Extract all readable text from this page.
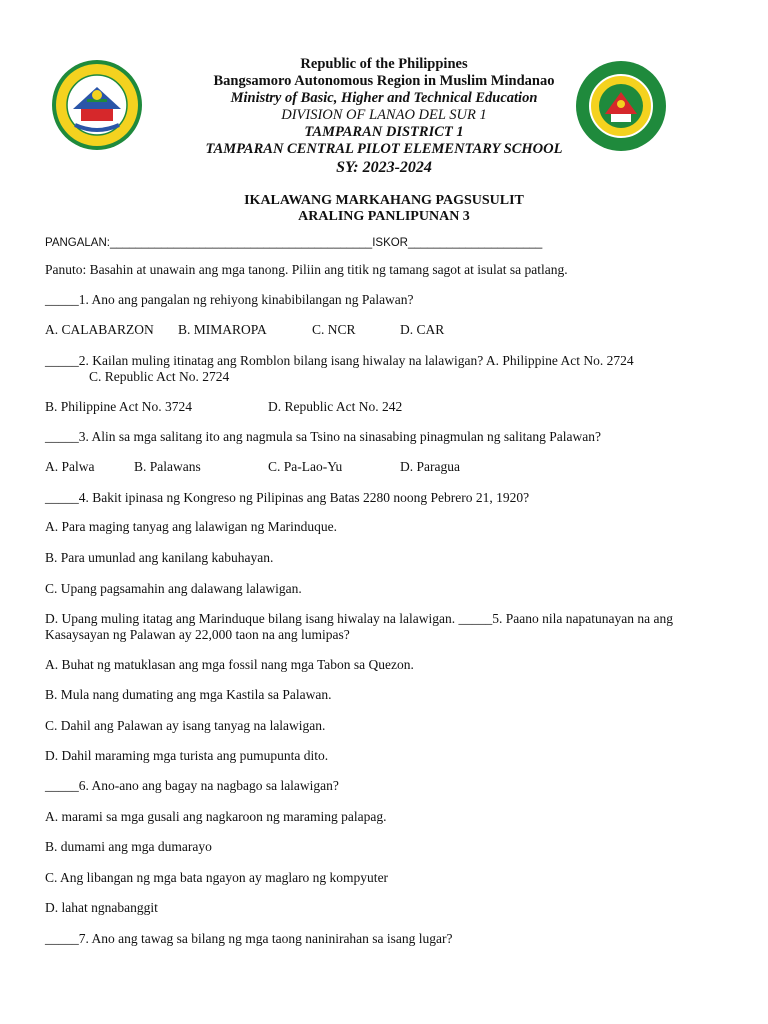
Republic of the Philippines
Bangsamoro Autonomous Region in Muslim Mindanao
Ministry of Basic, Higher and Technical Education
DIVISION OF LANAO DEL SUR 1
TAMPARAN DISTRICT 1
TAMPARAN CENTRAL PILOT ELEMENTARY SCHOOL
SY: 2023-2024
IKALAWANG MARKAHANG PAGSUSULIT
ARALING PANLIPUNAN 3
PANGALAN:_________________________________________ISKOR_____________________
Panuto: Basahin at unawain ang mga tanong. Piliin ang titik ng tamang sagot at isulat sa patlang.
_____1. Ano ang pangalan ng rehiyong kinabibilangan ng Palawan?
A. CALABARZON B. MIMAROPA	C. NCR	D. CAR
_____2. Kailan muling itinatag ang Romblon bilang isang hiwalay na lalawigan? A. Philippine Act No. 2724
C. Republic Act No. 2724
B. Philippine Act No. 3724	D. Republic Act No. 242
_____3. Alin sa mga salitang ito ang nagmula sa Tsino na sinasabing pinagmulan ng salitang Palawan?
A. Palwa	B. Palawans	C. Pa-Lao-Yu	D. Paragua
_____4. Bakit ipinasa ng Kongreso ng Pilipinas ang Batas 2280 noong Pebrero 21, 1920?
A. Para maging tanyag ang lalawigan ng Marinduque.
B. Para umunlad ang kanilang kabuhayan.
C. Upang pagsamahin ang dalawang lalawigan.
D. Upang muling itatag ang Marinduque bilang isang hiwalay na lalawigan. _____5. Paano nila napatunayan na ang Kasaysayan ng Palawan ay 22,000 taon na ang lumipas?
A. Buhat ng matuklasan ang mga fossil nang mga Tabon sa Quezon.
B. Mula nang dumating ang mga Kastila sa Palawan.
C. Dahil ang Palawan ay isang tanyag na lalawigan.
D. Dahil maraming mga turista ang pumupunta dito.
_____6. Ano-ano ang bagay na nagbago sa lalawigan?
A. marami sa mga gusali ang nagkaroon ng maraming palapag.
B. dumami ang mga dumarayo
C. Ang libangan ng mga bata ngayon ay maglaro ng kompyuter
D. lahat ngnabanggit
_____7. Ano ang tawag sa bilang ng mga taong naninirahan sa isang lugar?
